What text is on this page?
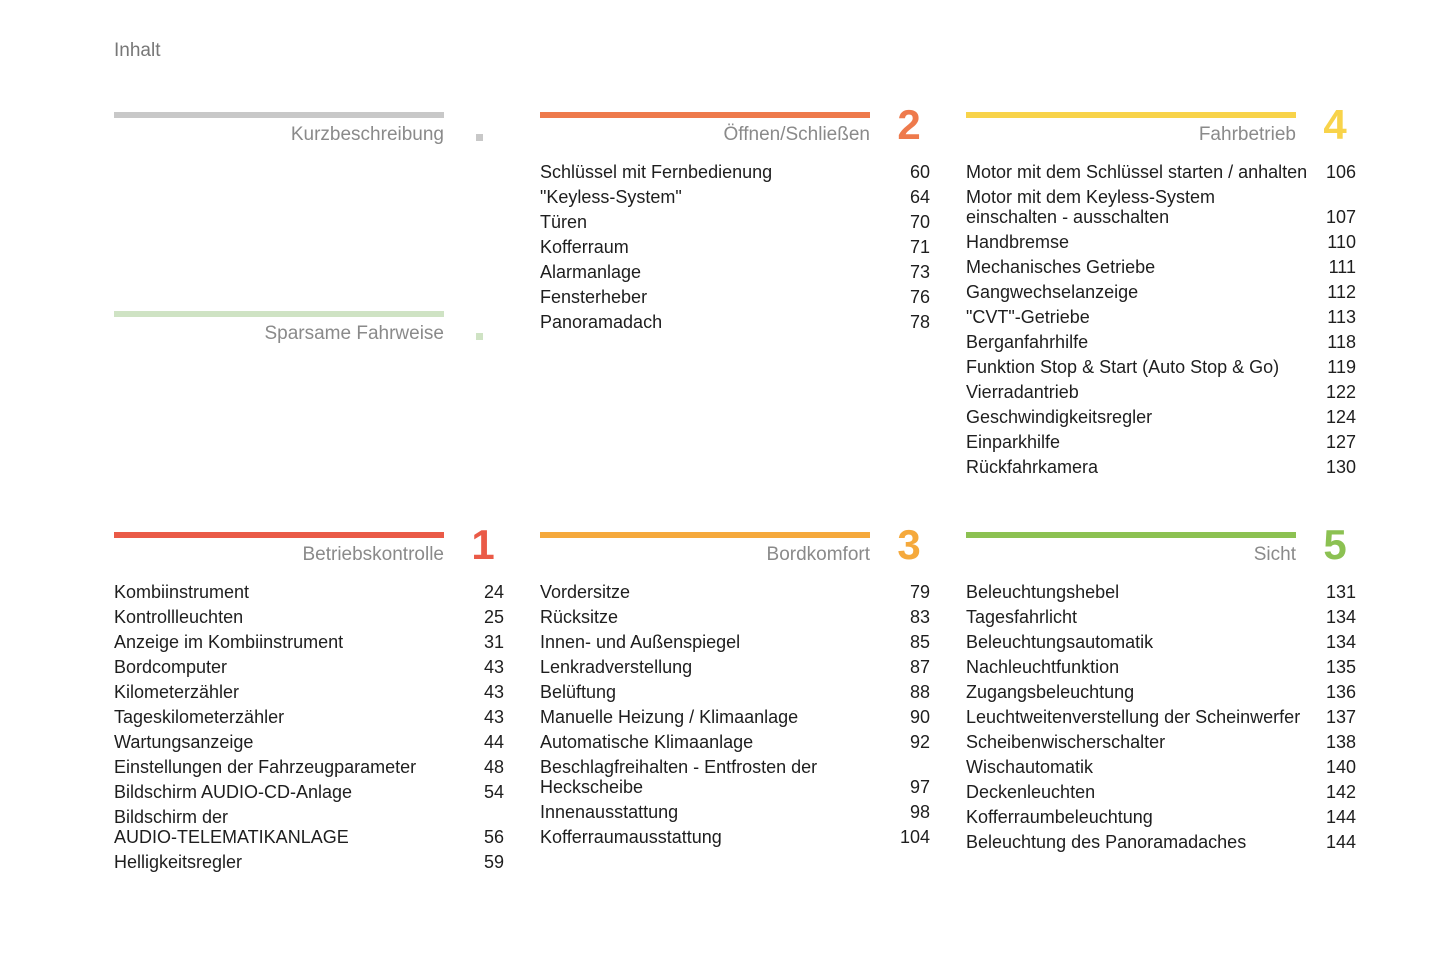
Inhalt
Kurzbeschreibung
Sparsame Fahrweise
Öffnen/Schließen 2
Schlüssel mit Fernbedienung	60
"Keyless-System"	64
Türen	70
Kofferraum	71
Alarmanlage	73
Fensterheber	76
Panoramadach	78
Fahrbetrieb 4
Motor mit dem Schlüssel starten / anhalten	106
Motor mit dem Keyless-System
einschalten - ausschalten	107
Handbremse	110
Mechanisches Getriebe	111
Gangwechselanzeige	112
"CVT"-Getriebe	113
Berganfahrhilfe	118
Funktion Stop & Start (Auto Stop & Go)	119
Vierradantrieb	122
Geschwindigkeitsregler	124
Einparkhilfe	127
Rückfahrkamera	130
Betriebskontrolle 1
Kombiinstrument	24
Kontrollleuchten	25
Anzeige im Kombiinstrument	31
Bordcomputer	43
Kilometerzähler	43
Tageskilometerzähler	43
Wartungsanzeige	44
Einstellungen der Fahrzeugparameter	48
Bildschirm AUDIO-CD-Anlage	54
Bildschirm der
AUDIO-TELEMATIKANLAGE	56
Helligkeitsregler	59
Bordkomfort 3
Vordersitze	79
Rücksitze	83
Innen- und Außenspiegel	85
Lenkradverstellung	87
Belüftung	88
Manuelle Heizung / Klimaanlage	90
Automatische Klimaanlage	92
Beschlagfreihalten - Entfrosten der
Heckscheibe	97
Innenausstattung	98
Kofferraumausstattung	104
Sicht 5
Beleuchtungshebel	131
Tagesfahrlicht	134
Beleuchtungsautomatik	134
Nachleuchtfunktion	135
Zugangsbeleuchtung	136
Leuchtweitenverstellung der Scheinwerfer	137
Scheibenwischerschalter	138
Wischautomatik	140
Deckenleuchten	142
Kofferraumbeleuchtung	144
Beleuchtung des Panoramadaches	144
